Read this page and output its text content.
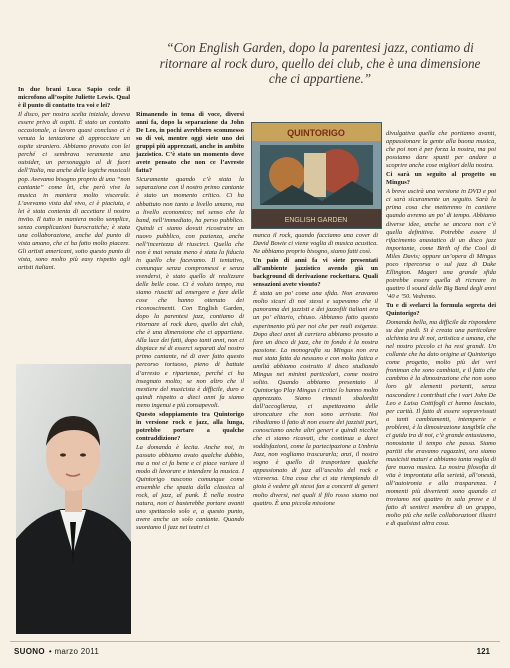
“Con English Garden, dopo la parentesi jazz, contiamo di ritornare al rock duro, quello dei club, che è una dimensione che ci appartiene.”

In due brani Luca Sapio cede il microfono all’ospite Juliette Lewis. Qual è il punto di contatto tra voi e lei?

Il disco, per nostra scelta iniziale, doveva essere privo di ospiti. È stato un contatto occasionale, a lavoro quasi concluso ci è venuta la tentazione di approcciare un ospite straniero. Abbiamo provato con lei perché ci sembrava veramente una outsider, un personaggio al di fuori dell’Italia, ma anche delle logiche musicali pop. Avevamo bisogno proprio di una “non cantante” come lei, che però vive la musica in maniera molto viscerale. L’avevamo vista dal vivo, ci è piaciuta, e lei è stata contenta di accettare il nostro invito. Il tutto in maniera molto semplice, senza complicazioni burocratiche; è stata una collaborazione, anche dal punto di vista umano, che ci ha fatto molto piacere. Gli artisti americani, sotto questo punto di vista, sono molto più easy rispetto agli artisti italiani.

Rimanendo in tema di voce, diversi anni fa, dopo la separazione da John De Leo, in pochi avrebbero scommesso su di voi, mentre oggi siete uno dei gruppi più apprezzati, anche in ambito jazzistico. C’è stato un momento dove avete pensato che non ce l’avreste fatta?

Sicuramente quando c’è stata la separazione con il nostro primo cantante è stato un momento critico. Ci ha abbattuto non tanto a livello umano, ma a livello economico; nel senso che la band, nell’immediato, ha perso pubblico. Quindi ci siamo dovuti ricostruire un nuovo pubblico, con pazienza, anche nell’incertezza di riuscirci. Quella che non è mai venuta meno è stata la fiducia in quello che facevamo. Il tentativo, comunque senza compromessi e senza svendersi, è stato quello di realizzare delle belle cose. Ci è voluto tempo, ma siamo riusciti ad emergere e fare delle cose che hanno ottenuto dei riconoscimenti. Con English Garden, dopo la parentesi jazz, contiamo di ritornare al rock duro, quello dei club, che è una dimensione che ci appartiene. Alla luce dei fatti, dopo tanti anni, non ci dispiace né di esserci separati dal nostro primo cantante, né di aver fatto questo percorso tortuoso, pieno di battute d’arresto e ripartenze, perché ci ha insegnato molto; se non altro che il mestiere del musicista è difficile, duro e quindi rispetto a dieci anni fa siamo meno ingenui e più consapevoli.

Questo sdoppiamento tra Quintorigo in versione rock e jazz, alla lunga, potrebbe portare a qualche contraddizione?

La domanda è lecita. Anche noi, in passato abbiamo avuto qualche dubbio, ma a noi ci fa bene e ci piace variare il modo di lavorare e intendere la musica. I Quintorigo nascono comunque come ensemble che spazia dalla classica al rock, al jazz, al punk. È nella nostra natura, non ci basterebbe portare avanti uno spettacolo solo e, a questo punto, avere anche un solo cantante. Quando suoniamo il jazz nei teatri ci

QUINTORIGO
ENGLISH GARDEN

manca il rock, quando facciamo una cover di David Bowie ci viene voglia di musica acustica. Ne abbiamo proprio bisogno, siamo fatti così.

Un paio di anni fa vi siete presentati all’ambiente jazzistico avendo già un background di derivazione rockettara. Quali sensazioni avete vissuto?

È stata un po’ come una sfida. Non eravamo molto sicuri di noi stessi e sapevamo che il panorama dei jazzisti e dei jazzofili italiani era un po’ elitario, chiuso. Abbiamo fatto questo esperimento più per noi che per reali esigenze. Dopo dieci anni di carriera abbiamo provato a fare un disco di jazz, che in fondo è la nostra passione. La monografia su Mingus non era mai stata fatta da nessuno e con molta fatica e umiltà abbiamo costruito il disco studiando Mingus nei minimi particolari, come nostro solito. Quando abbiamo presentato il Quintorigo Play Mingus i critici lo hanno molto apprezzato. Siamo rimasti sbalorditi dall’accoglienza, ci aspettavamo delle stroncature che non sono arrivate. Noi ribadiamo il fatto di non essere dei jazzisti puri, conosciamo anche altri generi e quindi nicchie che ci siamo ricavati, che continua a darci soddisfazioni, come la partecipazione a Umbria Jazz, non vogliamo trascurarla; anzi, il nostro sogno è quello di trasportare qualche appassionato di jazz all’ascolto del rock e viceversa. Una cosa che ci sta riempiendo di gioia è vedere gli stessi fan a concerti di generi molto diversi, nei quali il filo rosso siamo noi quattro. È una piccola missione

divulgativa quella che portiamo avanti, appassionare la gente alla buona musica, che poi non è per forza la nostra, ma poi possiamo dare spunti per andare a scoprire anche cose migliori della nostra.

Ci sarà un seguito al progetto su Mingus?

A breve uscirà una versione in DVD e poi ci sarà sicuramente un seguito. Sarà la prima cosa che metteremo in cantiere quando avremo un po’ di tempo. Abbiamo diverse idee, anche se ancora non c’è quella definitiva. Potrebbe essere il rifacimento anastatico di un disco jazz importante, come Birth of the Cool di Miles Davis; oppure un’opera di Mingus poco ripercorsa o sul jazz di Duke Ellington. Magari una grande sfida potrebbe essere quella di ricreare in quattro il sound delle Big Band degli anni ’40 e ’50. Vedremo.

Tu e di svelarci la formula segreta dei Quintorigo?

Domanda bella, ma difficile da rispondere su due piedi. Si è creata una particolare alchimia tra di noi, artistica e umana, che nel nostro piccolo ci ha resi grandi. Un collante che ha dato origine ai Quintorigo come progetto, molto più dei veri frontman che sono cambiati, e il fatto che cambino è la dimostrazione che non sono loro gli elementi portanti, senza nascondere i contributi che i vari John De Leo e Luisa Cottifogli ci hanno lasciato, per carità. Il fatto di essere sopravvissuti a tanti cambiamenti, intemperie e problemi, è la dimostrazione tangibile che ci guida tra di noi, c’è grande entusiasmo, nonostante il tempo che passa. Siamo partiti che eravamo ragazzini, ora siamo musicisti maturi e abbiamo tanta voglia di fare nuova musica. La nostra filosofia di vita è improntata alla serietà, all’onestà, all’autoironia e alla trasparenza. I momenti più divertenti sono quando ci troviamo noi quattro in sala prove e il fatto di sentirci membra di un gruppo, molto più che nelle collaborazioni illustri e di qualsiasi altra cosa.

SUONO • marzo 2011	121
